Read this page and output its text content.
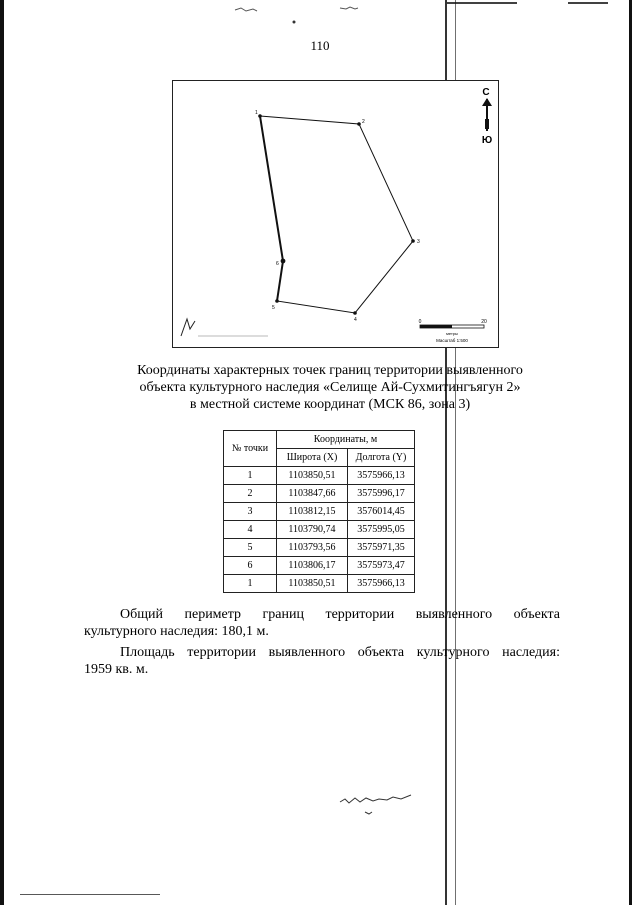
110
1
2
3
4
5
6
С
Ю
0	20
метры
Масштаб 1:500
Координаты характерных точек границ территории выявленного
объекта культурного наследия «Селище Ай-Сухмитингъягун 2»
в местной системе координат (МСК 86, зона 3)
№ точки	Координаты, м	
	Широта (X)	Долгота (Y)
1	1103850,51	3575966,13
2	1103847,66	3575996,17
3	1103812,15	3576014,45
4	1103790,74	3575995,05
5	1103793,56	3575971,35
6	1103806,17	3575973,47
1	1103850,51	3575966,13
Общий периметр границ территории выявленного объекта
культурного наследия: 180,1 м.
Площадь территории выявленного объекта культурного наследия:
1959 кв. м.
